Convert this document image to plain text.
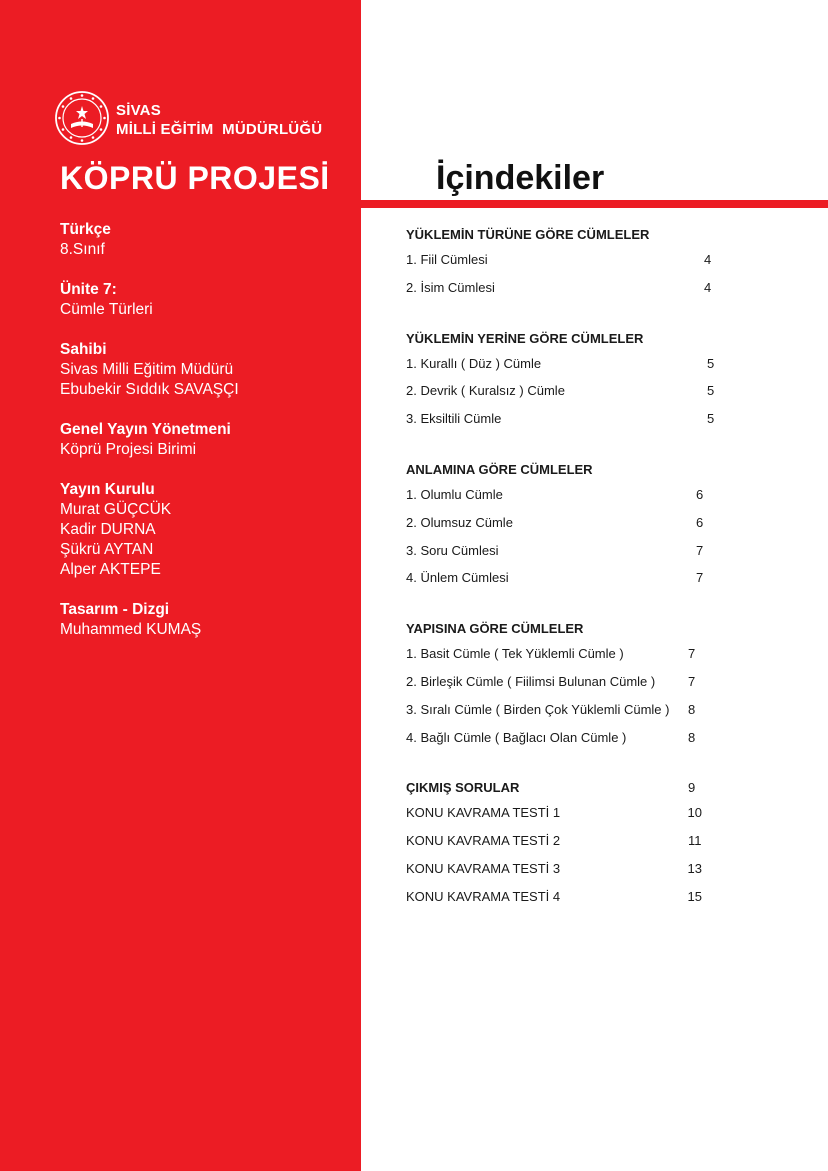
SİVAS
MİLLİ EĞİTİM  MÜDÜRLÜĞÜ
KÖPRÜ PROJESİ
Türkçe
8.Sınıf
Ünite 7:
Cümle Türleri
Sahibi
Sivas Milli Eğitim Müdürü
Ebubekir Sıddık SAVAŞÇI
Genel Yayın Yönetmeni
Köprü Projesi Birimi
Yayın Kurulu
Murat GÜÇCÜK
Kadir DURNA
Şükrü AYTAN
Alper AKTEPE
Tasarım - Dizgi
Muhammed KUMAŞ
İçindekiler
YÜKLEMİN TÜRÜNE GÖRE CÜMLELER
1. Fiil Cümlesi	4
2. İsim Cümlesi	4
YÜKLEMİN YERİNE GÖRE CÜMLELER
1. Kurallı ( Düz ) Cümle	5
2. Devrik ( Kuralsız ) Cümle	5
3. Eksiltili Cümle	5
ANLAMINA GÖRE CÜMLELER
1. Olumlu Cümle	6
2. Olumsuz Cümle	6
3. Soru Cümlesi	7
4. Ünlem Cümlesi	7
YAPISINA GÖRE CÜMLELER
1. Basit Cümle ( Tek Yüklemli Cümle )	7
2. Birleşik Cümle ( Fiilimsi Bulunan Cümle )	7
3. Sıralı Cümle ( Birden Çok Yüklemli Cümle ) 8
4. Bağlı Cümle ( Bağlacı Olan Cümle )	8
ÇIKMIŞ SORULAR	9
KONU KAVRAMA TESTİ 1	10
KONU KAVRAMA TESTİ 2	11
KONU KAVRAMA TESTİ 3	13
KONU KAVRAMA TESTİ 4	15
